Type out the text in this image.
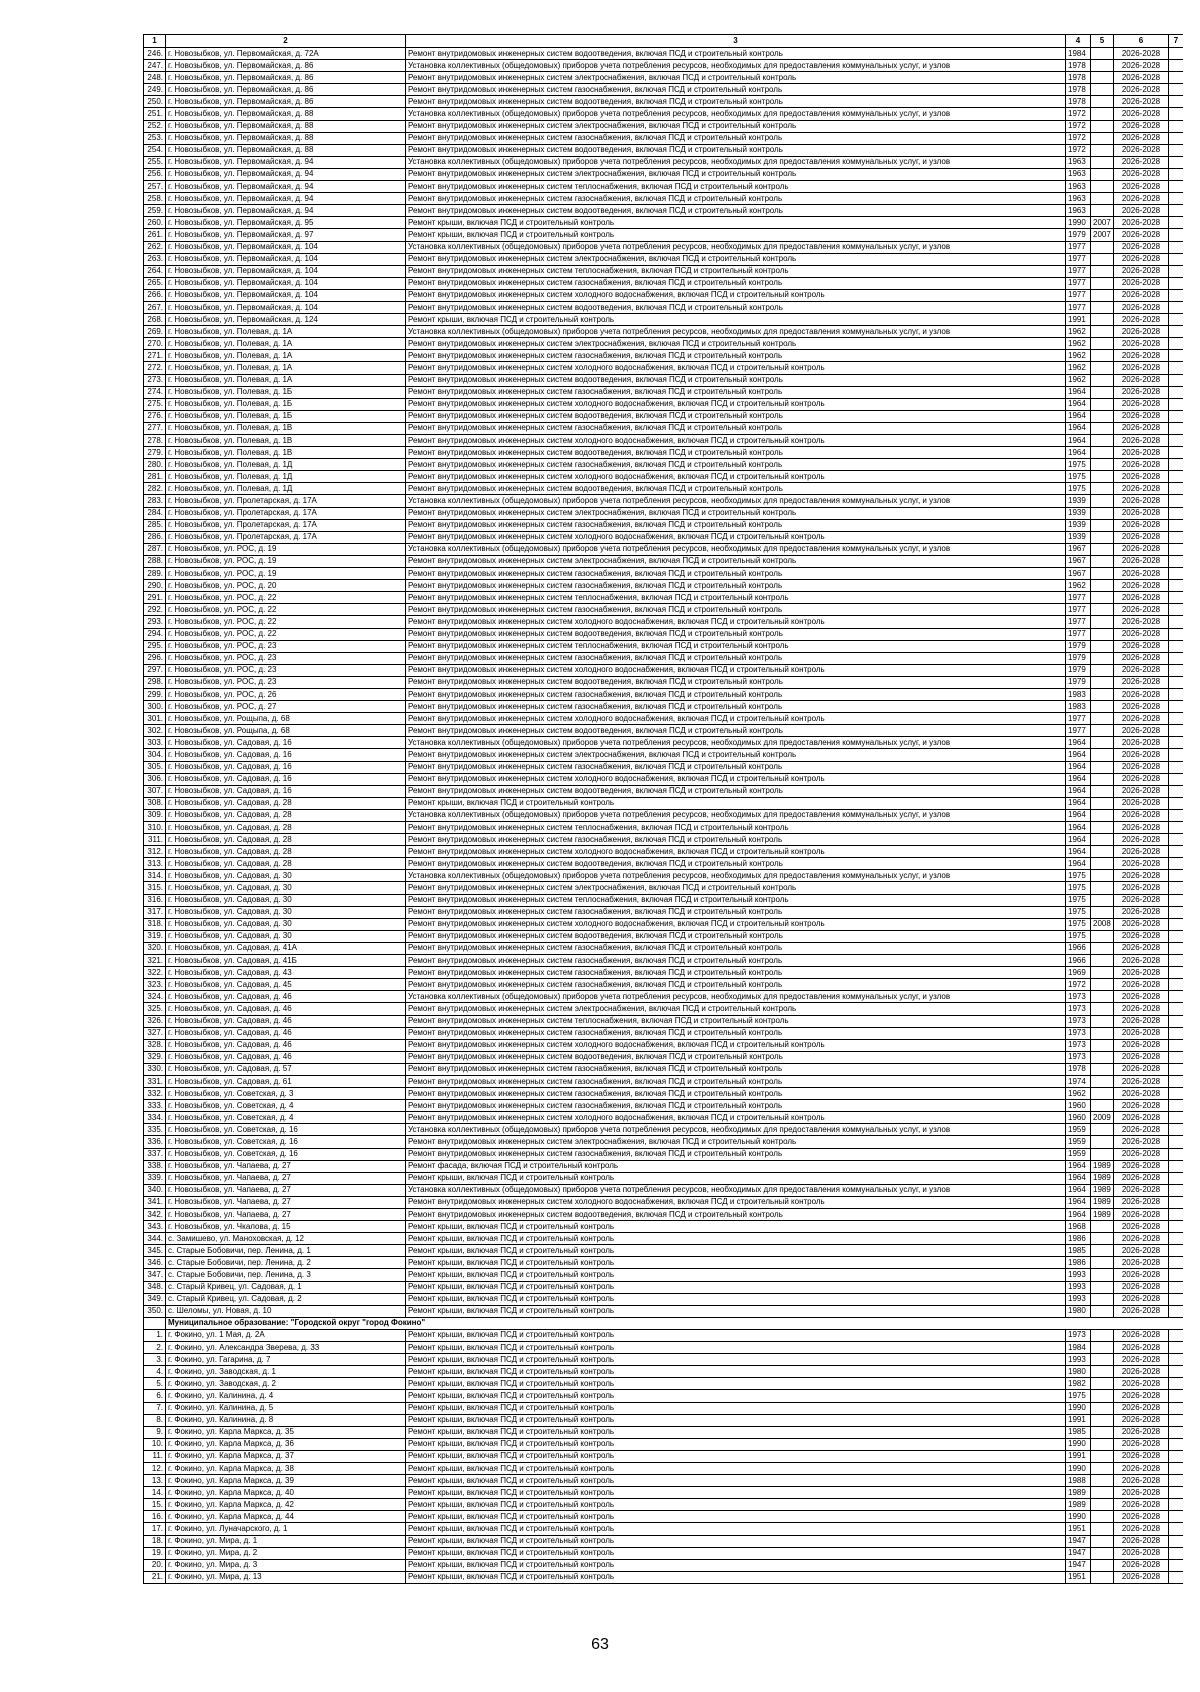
1	2	3	4	5	6	7
246.	г. Новозыбков, ул. Первомайская, д. 72А	Ремонт внутридомовых инженерных систем водоотведения, включая ПСД и строительный контроль	1984		2026-2028	
247.	г. Новозыбков, ул. Первомайская, д. 86	Установка коллективных (общедомовых) приборов учета потребления ресурсов, необходимых для предоставления коммунальных услуг, и узлов	1978		2026-2028	
248.	г. Новозыбков, ул. Первомайская, д. 86	Ремонт внутридомовых инженерных систем электроснабжения, включая ПСД и строительный контроль	1978		2026-2028	
249.	г. Новозыбков, ул. Первомайская, д. 86	Ремонт внутридомовых инженерных систем газоснабжения, включая ПСД и строительный контроль	1978		2026-2028	
250.	г. Новозыбков, ул. Первомайская, д. 86	Ремонт внутридомовых инженерных систем водоотведения, включая ПСД и строительный контроль	1978		2026-2028	
251.	г. Новозыбков, ул. Первомайская, д. 88	Установка коллективных (общедомовых) приборов учета потребления ресурсов, необходимых для предоставления коммунальных услуг, и узлов	1972		2026-2028	
252.	г. Новозыбков, ул. Первомайская, д. 88	Ремонт внутридомовых инженерных систем электроснабжения, включая ПСД и строительный контроль	1972		2026-2028	
253.	г. Новозыбков, ул. Первомайская, д. 88	Ремонт внутридомовых инженерных систем газоснабжения, включая ПСД и строительный контроль	1972		2026-2028	
254.	г. Новозыбков, ул. Первомайская, д. 88	Ремонт внутридомовых инженерных систем водоотведения, включая ПСД и строительный контроль	1972		2026-2028	
255.	г. Новозыбков, ул. Первомайская, д. 94	Установка коллективных (общедомовых) приборов учета потребления ресурсов, необходимых для предоставления коммунальных услуг, и узлов	1963		2026-2028	
256.	г. Новозыбков, ул. Первомайская, д. 94	Ремонт внутридомовых инженерных систем электроснабжения, включая ПСД и строительный контроль	1963		2026-2028	
257.	г. Новозыбков, ул. Первомайская, д. 94	Ремонт внутридомовых инженерных систем теплоснабжения, включая ПСД и строительный контроль	1963		2026-2028	
258.	г. Новозыбков, ул. Первомайская, д. 94	Ремонт внутридомовых инженерных систем газоснабжения, включая ПСД и строительный контроль	1963		2026-2028	
259.	г. Новозыбков, ул. Первомайская, д. 94	Ремонт внутридомовых инженерных систем водоотведения, включая ПСД и строительный контроль	1963		2026-2028	
260.	г. Новозыбков, ул. Первомайская, д. 95	Ремонт крыши, включая ПСД и строительный контроль	1990	2007	2026-2028	
261.	г. Новозыбков, ул. Первомайская, д. 97	Ремонт крыши, включая ПСД и строительный контроль	1979	2007	2026-2028	
262.	г. Новозыбков, ул. Первомайская, д. 104	Установка коллективных (общедомовых) приборов учета потребления ресурсов, необходимых для предоставления коммунальных услуг, и узлов	1977		2026-2028	
263.	г. Новозыбков, ул. Первомайская, д. 104	Ремонт внутридомовых инженерных систем электроснабжения, включая ПСД и строительный контроль	1977		2026-2028	
264.	г. Новозыбков, ул. Первомайская, д. 104	Ремонт внутридомовых инженерных систем теплоснабжения, включая ПСД и строительный контроль	1977		2026-2028	
265.	г. Новозыбков, ул. Первомайская, д. 104	Ремонт внутридомовых инженерных систем газоснабжения, включая ПСД и строительный контроль	1977		2026-2028	
266.	г. Новозыбков, ул. Первомайская, д. 104	Ремонт внутридомовых инженерных систем холодного водоснабжения, включая ПСД и строительный контроль	1977		2026-2028	
267.	г. Новозыбков, ул. Первомайская, д. 104	Ремонт внутридомовых инженерных систем водоотведения, включая ПСД и строительный контроль	1977		2026-2028	
268.	г. Новозыбков, ул. Первомайская, д. 124	Ремонт крыши, включая ПСД и строительный контроль	1991		2026-2028	
269.	г. Новозыбков, ул. Полевая, д. 1А	Установка коллективных (общедомовых) приборов учета потребления ресурсов, необходимых для предоставления коммунальных услуг, и узлов	1962		2026-2028	
270.	г. Новозыбков, ул. Полевая, д. 1А	Ремонт внутридомовых инженерных систем электроснабжения, включая ПСД и строительный контроль	1962		2026-2028	
271.	г. Новозыбков, ул. Полевая, д. 1А	Ремонт внутридомовых инженерных систем газоснабжения, включая ПСД и строительный контроль	1962		2026-2028	
272.	г. Новозыбков, ул. Полевая, д. 1А	Ремонт внутридомовых инженерных систем холодного водоснабжения, включая ПСД и строительный контроль	1962		2026-2028	
273.	г. Новозыбков, ул. Полевая, д. 1А	Ремонт внутридомовых инженерных систем водоотведения, включая ПСД и строительный контроль	1962		2026-2028	
274.	г. Новозыбков, ул. Полевая, д. 1Б	Ремонт внутридомовых инженерных систем газоснабжения, включая ПСД и строительный контроль	1964		2026-2028	
275.	г. Новозыбков, ул. Полевая, д. 1Б	Ремонт внутридомовых инженерных систем холодного водоснабжения, включая ПСД и строительный контроль	1964		2026-2028	
276.	г. Новозыбков, ул. Полевая, д. 1Б	Ремонт внутридомовых инженерных систем водоотведения, включая ПСД и строительный контроль	1964		2026-2028	
277.	г. Новозыбков, ул. Полевая, д. 1В	Ремонт внутридомовых инженерных систем газоснабжения, включая ПСД и строительный контроль	1964		2026-2028	
278.	г. Новозыбков, ул. Полевая, д. 1В	Ремонт внутридомовых инженерных систем холодного водоснабжения, включая ПСД и строительный контроль	1964		2026-2028	
279.	г. Новозыбков, ул. Полевая, д. 1В	Ремонт внутридомовых инженерных систем водоотведения, включая ПСД и строительный контроль	1964		2026-2028	
280.	г. Новозыбков, ул. Полевая, д. 1Д	Ремонт внутридомовых инженерных систем газоснабжения, включая ПСД и строительный контроль	1975		2026-2028	
281.	г. Новозыбков, ул. Полевая, д. 1Д	Ремонт внутридомовых инженерных систем холодного водоснабжения, включая ПСД и строительный контроль	1975		2026-2028	
282.	г. Новозыбков, ул. Полевая, д. 1Д	Ремонт внутридомовых инженерных систем водоотведения, включая ПСД и строительный контроль	1975		2026-2028	
283.	г. Новозыбков, ул. Пролетарская, д. 17А	Установка коллективных (общедомовых) приборов учета потребления ресурсов, необходимых для предоставления коммунальных услуг, и узлов	1939		2026-2028	
284.	г. Новозыбков, ул. Пролетарская, д. 17А	Ремонт внутридомовых инженерных систем электроснабжения, включая ПСД и строительный контроль	1939		2026-2028	
285.	г. Новозыбков, ул. Пролетарская, д. 17А	Ремонт внутридомовых инженерных систем газоснабжения, включая ПСД и строительный контроль	1939		2026-2028	
286.	г. Новозыбков, ул. Пролетарская, д. 17А	Ремонт внутридомовых инженерных систем холодного водоснабжения, включая ПСД и строительный контроль	1939		2026-2028	
287.	г. Новозыбков, ул. РОС, д. 19	Установка коллективных (общедомовых) приборов учета потребления ресурсов, необходимых для предоставления коммунальных услуг, и узлов	1967		2026-2028	
288.	г. Новозыбков, ул. РОС, д. 19	Ремонт внутридомовых инженерных систем электроснабжения, включая ПСД и строительный контроль	1967		2026-2028	
289.	г. Новозыбков, ул. РОС, д. 19	Ремонт внутридомовых инженерных систем газоснабжения, включая ПСД и строительный контроль	1967		2026-2028	
290.	г. Новозыбков, ул. РОС, д. 20	Ремонт внутридомовых инженерных систем газоснабжения, включая ПСД и строительный контроль	1962		2026-2028	
291.	г. Новозыбков, ул. РОС, д. 22	Ремонт внутридомовых инженерных систем теплоснабжения, включая ПСД и строительный контроль	1977		2026-2028	
292.	г. Новозыбков, ул. РОС, д. 22	Ремонт внутридомовых инженерных систем газоснабжения, включая ПСД и строительный контроль	1977		2026-2028	
293.	г. Новозыбков, ул. РОС, д. 22	Ремонт внутридомовых инженерных систем холодного водоснабжения, включая ПСД и строительный контроль	1977		2026-2028	
294.	г. Новозыбков, ул. РОС, д. 22	Ремонт внутридомовых инженерных систем водоотведения, включая ПСД и строительный контроль	1977		2026-2028	
295.	г. Новозыбков, ул. РОС, д. 23	Ремонт внутридомовых инженерных систем теплоснабжения, включая ПСД и строительный контроль	1979		2026-2028	
296.	г. Новозыбков, ул. РОС, д. 23	Ремонт внутридомовых инженерных систем газоснабжения, включая ПСД и строительный контроль	1979		2026-2028	
297.	г. Новозыбков, ул. РОС, д. 23	Ремонт внутридомовых инженерных систем холодного водоснабжения, включая ПСД и строительный контроль	1979		2026-2028	
298.	г. Новозыбков, ул. РОС, д. 23	Ремонт внутридомовых инженерных систем водоотведения, включая ПСД и строительный контроль	1979		2026-2028	
299.	г. Новозыбков, ул. РОС, д. 26	Ремонт внутридомовых инженерных систем газоснабжения, включая ПСД и строительный контроль	1983		2026-2028	
300.	г. Новозыбков, ул. РОС, д. 27	Ремонт внутридомовых инженерных систем газоснабжения, включая ПСД и строительный контроль	1983		2026-2028	
301.	г. Новозыбков, ул. Рощыпа, д. 68	Ремонт внутридомовых инженерных систем холодного водоснабжения, включая ПСД и строительный контроль	1977		2026-2028	
302.	г. Новозыбков, ул. Рощыпа, д. 68	Ремонт внутридомовых инженерных систем водоотведения, включая ПСД и строительный контроль	1977		2026-2028	
303.	г. Новозыбков, ул. Садовая, д. 16	Установка коллективных (общедомовых) приборов учета потребления ресурсов, необходимых для предоставления коммунальных услуг, и узлов	1964		2026-2028	
304.	г. Новозыбков, ул. Садовая, д. 16	Ремонт внутридомовых инженерных систем электроснабжения, включая ПСД и строительный контроль	1964		2026-2028	
305.	г. Новозыбков, ул. Садовая, д. 16	Ремонт внутридомовых инженерных систем газоснабжения, включая ПСД и строительный контроль	1964		2026-2028	
306.	г. Новозыбков, ул. Садовая, д. 16	Ремонт внутридомовых инженерных систем холодного водоснабжения, включая ПСД и строительный контроль	1964		2026-2028	
307.	г. Новозыбков, ул. Садовая, д. 16	Ремонт внутридомовых инженерных систем водоотведения, включая ПСД и строительный контроль	1964		2026-2028	
308.	г. Новозыбков, ул. Садовая, д. 28	Ремонт крыши, включая ПСД и строительный контроль	1964		2026-2028	
309.	г. Новозыбков, ул. Садовая, д. 28	Установка коллективных (общедомовых) приборов учета потребления ресурсов, необходимых для предоставления коммунальных услуг, и узлов	1964		2026-2028	
310.	г. Новозыбков, ул. Садовая, д. 28	Ремонт внутридомовых инженерных систем теплоснабжения, включая ПСД и строительный контроль	1964		2026-2028	
311.	г. Новозыбков, ул. Садовая, д. 28	Ремонт внутридомовых инженерных систем газоснабжения, включая ПСД и строительный контроль	1964		2026-2028	
312.	г. Новозыбков, ул. Садовая, д. 28	Ремонт внутридомовых инженерных систем холодного водоснабжения, включая ПСД и строительный контроль	1964		2026-2028	
313.	г. Новозыбков, ул. Садовая, д. 28	Ремонт внутридомовых инженерных систем водоотведения, включая ПСД и строительный контроль	1964		2026-2028	
314.	г. Новозыбков, ул. Садовая, д. 30	Установка коллективных (общедомовых) приборов учета потребления ресурсов, необходимых для предоставления коммунальных услуг, и узлов	1975		2026-2028	
315.	г. Новозыбков, ул. Садовая, д. 30	Ремонт внутридомовых инженерных систем электроснабжения, включая ПСД и строительный контроль	1975		2026-2028	
316.	г. Новозыбков, ул. Садовая, д. 30	Ремонт внутридомовых инженерных систем теплоснабжения, включая ПСД и строительный контроль	1975		2026-2028	
317.	г. Новозыбков, ул. Садовая, д. 30	Ремонт внутридомовых инженерных систем газоснабжения, включая ПСД и строительный контроль	1975		2026-2028	
318.	г. Новозыбков, ул. Садовая, д. 30	Ремонт внутридомовых инженерных систем холодного водоснабжения, включая ПСД и строительный контроль	1975	2008	2026-2028	
319.	г. Новозыбков, ул. Садовая, д. 30	Ремонт внутридомовых инженерных систем водоотведения, включая ПСД и строительный контроль	1975		2026-2028	
320.	г. Новозыбков, ул. Садовая, д. 41А	Ремонт внутридомовых инженерных систем газоснабжения, включая ПСД и строительный контроль	1966		2026-2028	
321.	г. Новозыбков, ул. Садовая, д. 41Б	Ремонт внутридомовых инженерных систем газоснабжения, включая ПСД и строительный контроль	1966		2026-2028	
322.	г. Новозыбков, ул. Садовая, д. 43	Ремонт внутридомовых инженерных систем газоснабжения, включая ПСД и строительный контроль	1969		2026-2028	
323.	г. Новозыбков, ул. Садовая, д. 45	Ремонт внутридомовых инженерных систем газоснабжения, включая ПСД и строительный контроль	1972		2026-2028	
324.	г. Новозыбков, ул. Садовая, д. 46	Установка коллективных (общедомовых) приборов учета потребления ресурсов, необходимых для предоставления коммунальных услуг, и узлов	1973		2026-2028	
325.	г. Новозыбков, ул. Садовая, д. 46	Ремонт внутридомовых инженерных систем электроснабжения, включая ПСД и строительный контроль	1973		2026-2028	
326.	г. Новозыбков, ул. Садовая, д. 46	Ремонт внутридомовых инженерных систем теплоснабжения, включая ПСД и строительный контроль	1973		2026-2028	
327.	г. Новозыбков, ул. Садовая, д. 46	Ремонт внутридомовых инженерных систем газоснабжения, включая ПСД и строительный контроль	1973		2026-2028	
328.	г. Новозыбков, ул. Садовая, д. 46	Ремонт внутридомовых инженерных систем холодного водоснабжения, включая ПСД и строительный контроль	1973		2026-2028	
329.	г. Новозыбков, ул. Садовая, д. 46	Ремонт внутридомовых инженерных систем водоотведения, включая ПСД и строительный контроль	1973		2026-2028	
330.	г. Новозыбков, ул. Садовая, д. 57	Ремонт внутридомовых инженерных систем газоснабжения, включая ПСД и строительный контроль	1978		2026-2028	
331.	г. Новозыбков, ул. Садовая, д. 61	Ремонт внутридомовых инженерных систем газоснабжения, включая ПСД и строительный контроль	1974		2026-2028	
332.	г. Новозыбков, ул. Советская, д. 3	Ремонт внутридомовых инженерных систем газоснабжения, включая ПСД и строительный контроль	1962		2026-2028	
333.	г. Новозыбков, ул. Советская, д. 4	Ремонт внутридомовых инженерных систем газоснабжения, включая ПСД и строительный контроль	1960		2026-2028	
334.	г. Новозыбков, ул. Советская, д. 4	Ремонт внутридомовых инженерных систем холодного водоснабжения, включая ПСД и строительный контроль	1960	2009	2026-2028	
335.	г. Новозыбков, ул. Советская, д. 16	Установка коллективных (общедомовых) приборов учета потребления ресурсов, необходимых для предоставления коммунальных услуг, и узлов	1959		2026-2028	
336.	г. Новозыбков, ул. Советская, д. 16	Ремонт внутридомовых инженерных систем электроснабжения, включая ПСД и строительный контроль	1959		2026-2028	
337.	г. Новозыбков, ул. Советская, д. 16	Ремонт внутридомовых инженерных систем газоснабжения, включая ПСД и строительный контроль	1959		2026-2028	
338.	г. Новозыбков, ул. Чапаева, д. 27	Ремонт фасада, включая ПСД и строительный контроль	1964	1989	2026-2028	
339.	г. Новозыбков, ул. Чапаева, д. 27	Ремонт крыши, включая ПСД и строительный контроль	1964	1989	2026-2028	
340.	г. Новозыбков, ул. Чапаева, д. 27	Установка коллективных (общедомовых) приборов учета потребления ресурсов, необходимых для предоставления коммунальных услуг, и узлов	1964	1989	2026-2028	
341.	г. Новозыбков, ул. Чапаева, д. 27	Ремонт внутридомовых инженерных систем холодного водоснабжения, включая ПСД и строительный контроль	1964	1989	2026-2028	
342.	г. Новозыбков, ул. Чапаева, д. 27	Ремонт внутридомовых инженерных систем водоотведения, включая ПСД и строительный контроль	1964	1989	2026-2028	
343.	г. Новозыбков, ул. Чкалова, д. 15	Ремонт крыши, включая ПСД и строительный контроль	1968		2026-2028	
344.	с. Замишево, ул. Маноховская, д. 12	Ремонт крыши, включая ПСД и строительный контроль	1986		2026-2028	
345.	с. Старые Бобовичи, пер. Ленина, д. 1	Ремонт крыши, включая ПСД и строительный контроль	1985		2026-2028	
346.	с. Старые Бобовичи, пер. Ленина, д. 2	Ремонт крыши, включая ПСД и строительный контроль	1986		2026-2028	
347.	с. Старые Бобовичи, пер. Ленина, д. 3	Ремонт крыши, включая ПСД и строительный контроль	1993		2026-2028	
348.	с. Старый Кривец, ул. Садовая, д. 1	Ремонт крыши, включая ПСД и строительный контроль	1993		2026-2028	
349.	с. Старый Кривец, ул. Садовая, д. 2	Ремонт крыши, включая ПСД и строительный контроль	1993		2026-2028	
350.	с. Шеломы, ул. Новая, д. 10	Ремонт крыши, включая ПСД и строительный контроль	1980		2026-2028	
	Муниципальное образование: "Городской округ "город Фокино"					
1.	г. Фокино, ул. 1 Мая, д. 2А	Ремонт крыши, включая ПСД и строительный контроль	1973		2026-2028	
2.	г. Фокино, ул. Александра Зверева, д. 33	Ремонт крыши, включая ПСД и строительный контроль	1984		2026-2028	
3.	г. Фокино, ул. Гагарина, д. 7	Ремонт крыши, включая ПСД и строительный контроль	1993		2026-2028	
4.	г. Фокино, ул. Заводская, д. 1	Ремонт крыши, включая ПСД и строительный контроль	1980		2026-2028	
5.	г. Фокино, ул. Заводская, д. 2	Ремонт крыши, включая ПСД и строительный контроль	1982		2026-2028	
6.	г. Фокино, ул. Калинина, д. 4	Ремонт крыши, включая ПСД и строительный контроль	1975		2026-2028	
7.	г. Фокино, ул. Калинина, д. 5	Ремонт крыши, включая ПСД и строительный контроль	1990		2026-2028	
8.	г. Фокино, ул. Калинина, д. 8	Ремонт крыши, включая ПСД и строительный контроль	1991		2026-2028	
9.	г. Фокино, ул. Карла Маркса, д. 35	Ремонт крыши, включая ПСД и строительный контроль	1985		2026-2028	
10.	г. Фокино, ул. Карла Маркса, д. 36	Ремонт крыши, включая ПСД и строительный контроль	1990		2026-2028	
11.	г. Фокино, ул. Карла Маркса, д. 37	Ремонт крыши, включая ПСД и строительный контроль	1991		2026-2028	
12.	г. Фокино, ул. Карла Маркса, д. 38	Ремонт крыши, включая ПСД и строительный контроль	1990		2026-2028	
13.	г. Фокино, ул. Карла Маркса, д. 39	Ремонт крыши, включая ПСД и строительный контроль	1988		2026-2028	
14.	г. Фокино, ул. Карла Маркса, д. 40	Ремонт крыши, включая ПСД и строительный контроль	1989		2026-2028	
15.	г. Фокино, ул. Карла Маркса, д. 42	Ремонт крыши, включая ПСД и строительный контроль	1989		2026-2028	
16.	г. Фокино, ул. Карла Маркса, д. 44	Ремонт крыши, включая ПСД и строительный контроль	1990		2026-2028	
17.	г. Фокино, ул. Луначарского, д. 1	Ремонт крыши, включая ПСД и строительный контроль	1951		2026-2028	
18.	г. Фокино, ул. Мира, д. 1	Ремонт крыши, включая ПСД и строительный контроль	1947		2026-2028	
19.	г. Фокино, ул. Мира, д. 2	Ремонт крыши, включая ПСД и строительный контроль	1947		2026-2028	
20.	г. Фокино, ул. Мира, д. 3	Ремонт крыши, включая ПСД и строительный контроль	1947		2026-2028	
21.	г. Фокино, ул. Мира, д. 13	Ремонт крыши, включая ПСД и строительный контроль	1951		2026-2028	
63
